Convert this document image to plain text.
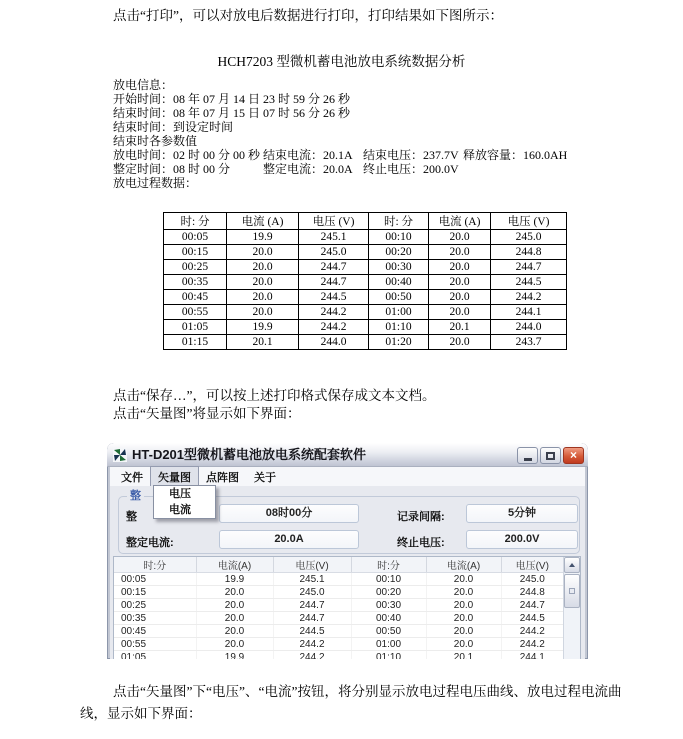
点击“打印”，可以对放电后数据进行打印，打印结果如下图所示：

HCH7203 型微机蓄电池放电系统数据分析
放电信息：
开始时间：08 年 07 月 14 日 23 时 59 分 26 秒
结束时间：08 年 07 月 15 日 07 时 56 分 26 秒
结束时间：到设定时间
结束时各参数值
放电时间：02 时 00 分 00 秒 结束电流：20.1A 结束电压：237.7V 释放容量：160.0AH
整定时间：08 时 00 分	整定电流：20.0A 终止电压：200.0V
放电过程数据：
时: 分	电流 (A)	电压 (V)	时: 分	电流 (A)	电压 (V)
00:05	19.9	245.1	00:10	20.0	245.0
00:15	20.0	245.0	00:20	20.0	244.8
00:25	20.0	244.7	00:30	20.0	244.7
00:35	20.0	244.7	00:40	20.0	244.5
00:45	20.0	244.5	00:50	20.0	244.2
00:55	20.0	244.2	01:00	20.0	244.1
01:05	19.9	244.2	01:10	20.1	244.0
01:15	20.1	244.0	01:20	20.0	243.7

点击“保存…”，可以按上述打印格式保存成文本文档。

点击“矢量图”将显示如下界面：

HT-D201型微机蓄电池放电系统配套软件	×
文件	矢量图	点阵图	关于
整
整	08时00分	记录间隔:	5分钟
整定电流:	20.0A	终止电压:	200.0V
时:分	电流(A)	电压(V)	时:分	电流(A)	电压(V)
00:05	19.9	245.1	00:10	20.0	245.0
00:15	20.0	245.0	00:20	20.0	244.8
00:25	20.0	244.7	00:30	20.0	244.7
00:35	20.0	244.7	00:40	20.0	244.5
00:45	20.0	244.5	00:50	20.0	244.2
00:55	20.0	244.2	01:00	20.0	244.2
01:05	19.9	244.2	01:10	20.1	244.1
电压
电流

点击“矢量图”下“电压”、“电流”按钮，将分别显示放电过程电压曲线、放电过程电流曲线，显示如下界面：
